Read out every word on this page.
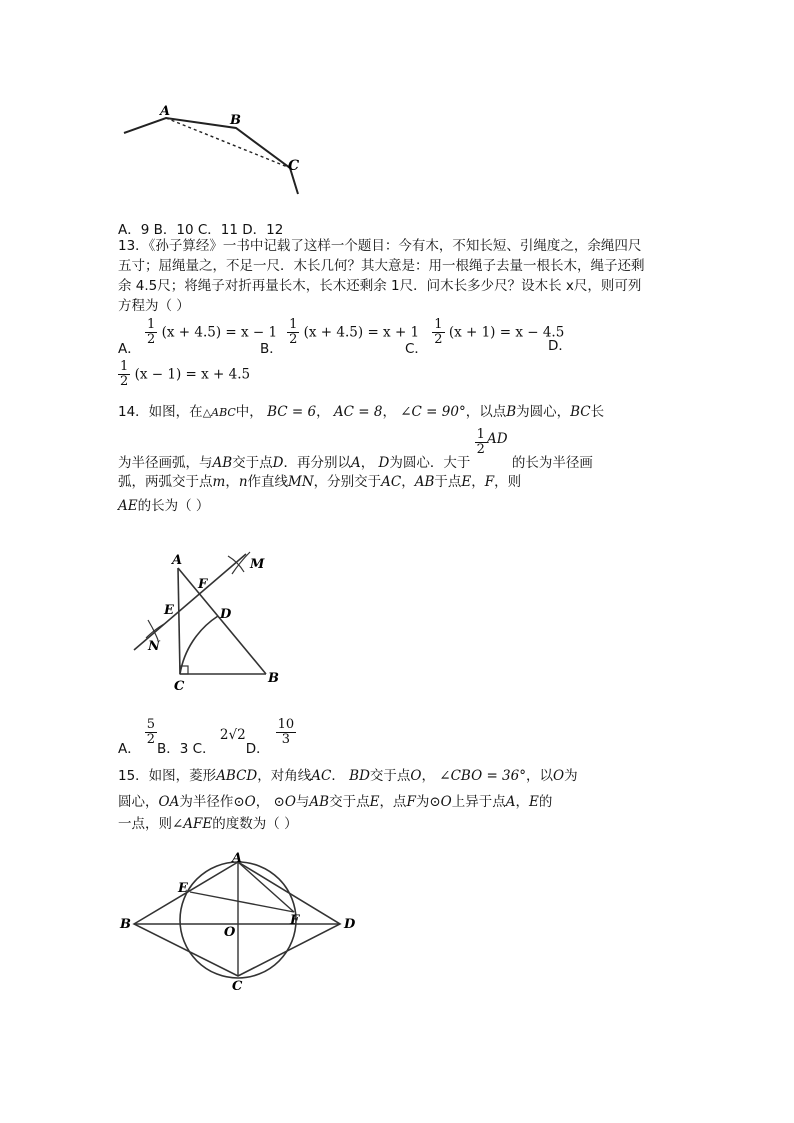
A
B
C
A．9 B．10 C．11 D．12
13．《孙子算经》一书中记载了这样一个题目：今有木，不知长短、引绳度之，余绳四尺
五寸；屈绳量之，不足一尺．木长几何？其大意是：用一根绳子去量一根长木，绳子还剩
余 4.5尺；将绳子对折再量长木，长木还剩余 1尺．问木长多少尺？设木长 x尺，则可列
方程为（ ）
A．
$\frac{1}{2} (x + 4.5) = x - 1$
B．
$\frac{1}{2} (x + 4.5) = x + 1$
C．
$\frac{1}{2} (x + 1) = x - 4.5$
D．
$\frac{1}{2} (x - 1) = x + 4.5$
14．如图，在△ABC中， BC = 6， AC = 8， ∠C = 90°，以点B为圆心，BC长
为半径画弧，与AB交于点D．再分别以A， D为圆心．大于
$\frac{1}{2}$ AD 的长为半径画
弧，两弧交于点m，n作直线MN，分别交于AC，AB于点E，F，则
AE的长为（ ）
A
F
M
E	D
N
C
B
A．
$\frac{5}{2}$
B．3 C． 2√2D．
$\frac{10}{3}$
15．如图，菱形ABCD，对角线AC． BD交于点O， ∠CBO = 36°，以O为
圆心，OA为半径作⊙O， ⊙O与AB交于点E，点F为⊙O上异于点A，E的
一点，则∠AFE的度数为（ ）
A
E
F
B
O
D
C
